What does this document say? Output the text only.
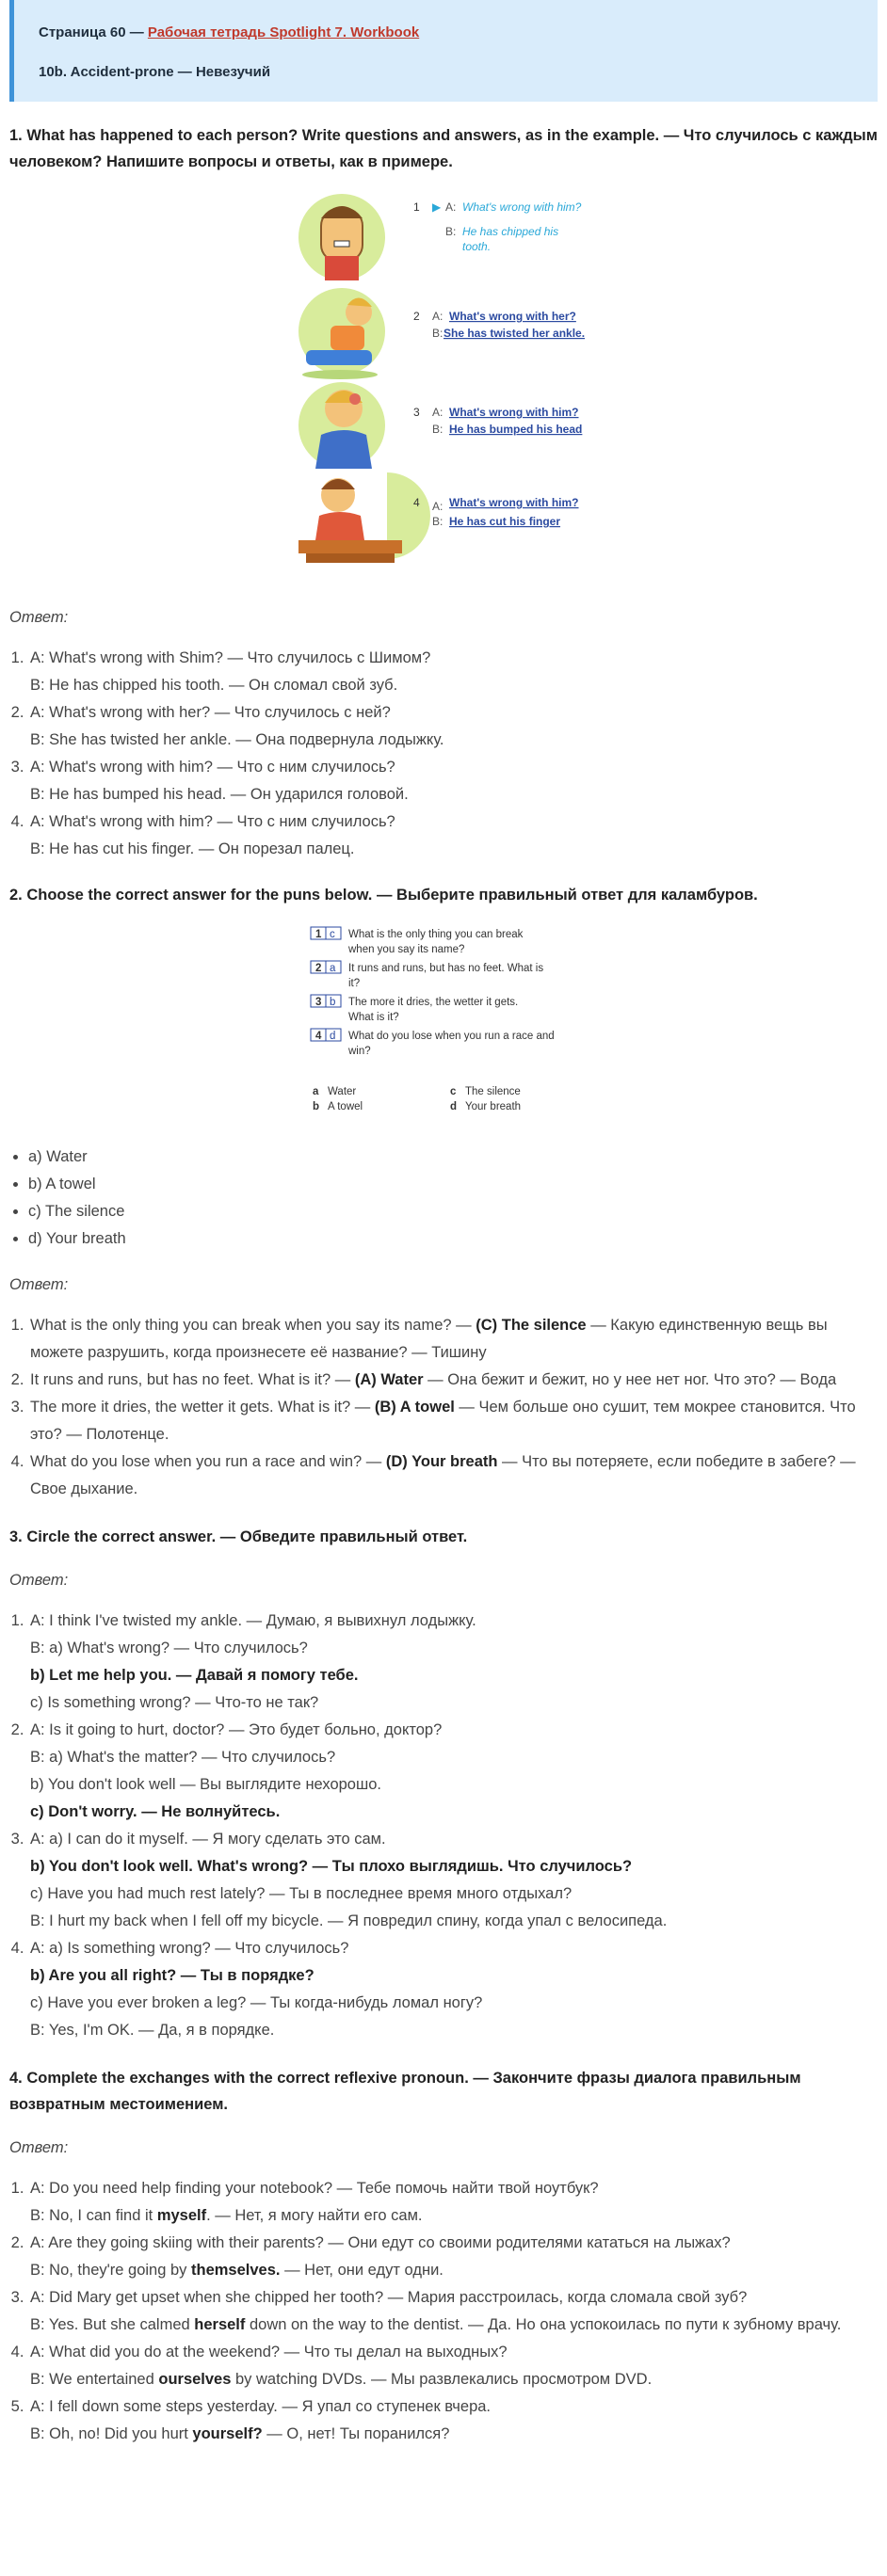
Страница 60 — Рабочая тетрадь Spotlight 7. Workbook
10b. Accident-prone — Невезучий
1. What has happened to each person? Write questions and answers, as in the example. — Что случилось с каждым человеком? Напишите вопросы и ответы, как в примере.
1 ▶ A: What's wrong with him?
B: He has chipped his
tooth.
2 A: What's wrong with her?
B: She has twisted her ankle.
3 A: What's wrong with him?
B: He has bumped his head
4 A: What's wrong with him?
B: He has cut his finger
Ответ:
1. A: What's wrong with Shim? — Что случилось с Шимом?
B: He has chipped his tooth. — Он сломал свой зуб.
2. A: What's wrong with her? — Что случилось с ней?
B: She has twisted her ankle. — Она подвернула лодыжку.
3. A: What's wrong with him? — Что с ним случилось?
B: He has bumped his head. — Он ударился головой.
4. A: What's wrong with him? — Что с ним случилось?
B: He has cut his finger. — Он порезал палец.
2. Choose the correct answer for the puns below. — Выберите правильный ответ для каламбуров.
1 c What is the only thing you can break
when you say its name?
2 a It runs and runs, but has no feet. What is
it?
3 b The more it dries, the wetter it gets.
What is it?
4 d What do you lose when you run a race and
win?
a Water
b A towel
c The silence
d Your breath
• a) Water
• b) A towel
• c) The silence
• d) Your breath
Ответ:
1. What is the only thing you can break when you say its name? — (C) The silence — Какую единственную вещь вы можете разрушить, когда произнесете её название? — Тишину
2. It runs and runs, but has no feet. What is it? — (A) Water — Она бежит и бежит, но у нее нет ног. Что это? — Вода
3. The more it dries, the wetter it gets. What is it? — (B) A towel — Чем больше оно сушит, тем мокрее становится. Что это? — Полотенце.
4. What do you lose when you run a race and win? — (D) Your breath — Что вы потеряете, если победите в забеге? — Свое дыхание.
3. Circle the correct answer. — Обведите правильный ответ.
Ответ:
1. A: I think I've twisted my ankle. — Думаю, я вывихнул лодыжку.
B: a) What's wrong? — Что случилось?
b) Let me help you. — Давай я помогу тебе.
c) Is something wrong? — Что-то не так?
2. A: Is it going to hurt, doctor? — Это будет больно, доктор?
B: a) What's the matter? — Что случилось?
b) You don't look well — Вы выглядите нехорошо.
c) Don't worry. — Не волнуйтесь.
3. A: a) I can do it myself. — Я могу сделать это сам.
b) You don't look well. What's wrong? — Ты плохо выглядишь. Что случилось?
c) Have you had much rest lately? — Ты в последнее время много отдыхал?
B: I hurt my back when I fell off my bicycle. — Я повредил спину, когда упал с велосипеда.
4. A: a) Is something wrong? — Что случилось?
b) Are you all right? — Ты в порядке?
c) Have you ever broken a leg? — Ты когда-нибудь ломал ногу?
B: Yes, I'm OK. — Да, я в порядке.
4. Complete the exchanges with the correct reflexive pronoun. — Закончите фразы диалога правильным возвратным местоимением.
Ответ:
1. A: Do you need help finding your notebook? — Тебе помочь найти твой ноутбук?
B: No, I can find it myself. — Нет, я могу найти его сам.
2. A: Are they going skiing with their parents? — Они едут со своими родителями кататься на лыжах?
B: No, they're going by themselves. — Нет, они едут одни.
3. A: Did Mary get upset when she chipped her tooth? — Мария расстроилась, когда сломала свой зуб?
B: Yes. But she calmed herself down on the way to the dentist. — Да. Но она успокоилась по пути к зубному врачу.
4. A: What did you do at the weekend? — Что ты делал на выходных?
B: We entertained ourselves by watching DVDs. — Мы развлекались просмотром DVD.
5. A: I fell down some steps yesterday. — Я упал со ступенек вчера.
B: Oh, no! Did you hurt yourself? — О, нет! Ты поранился?
